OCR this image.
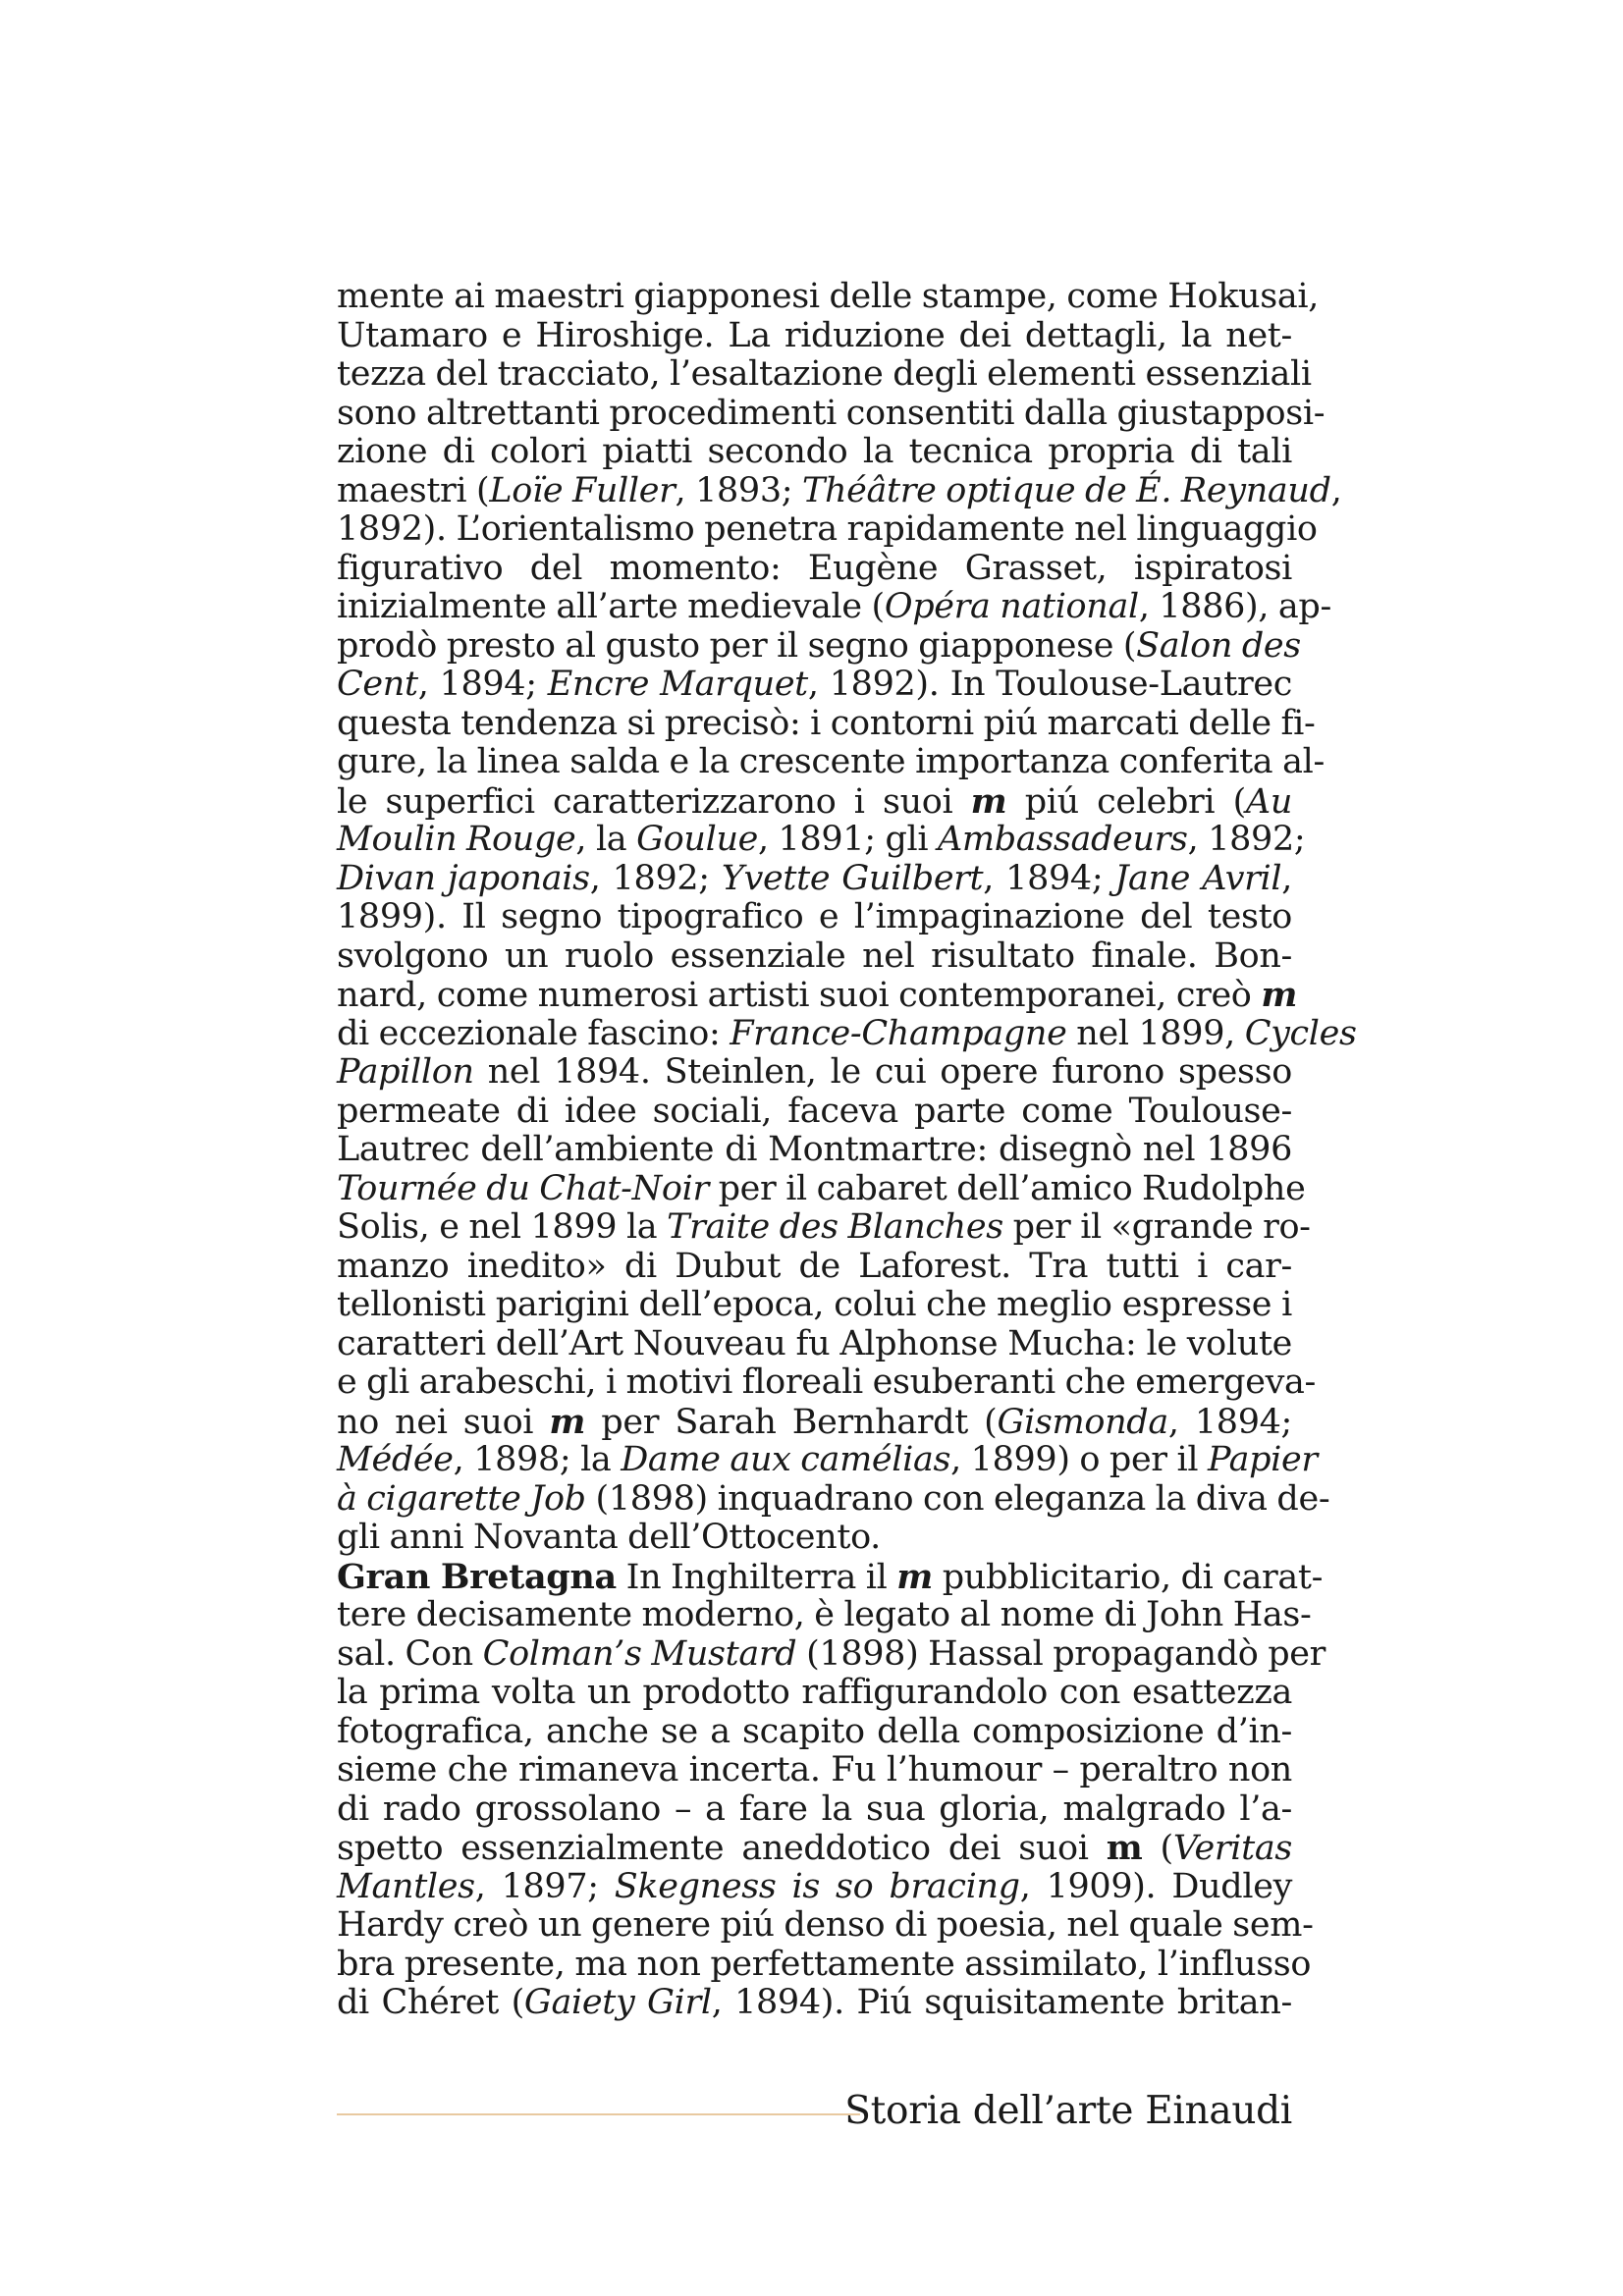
mente ai maestri giapponesi delle stampe, come Hokusai,
Utamaro e Hiroshige. La riduzione dei dettagli, la net-
tezza del tracciato, l’esaltazione degli elementi essenziali
sono altrettanti procedimenti consentiti dalla giustapposi-
zione di colori piatti secondo la tecnica propria di tali
maestri (Loïe Fuller, 1893; Théâtre optique de É. Reynaud,
1892). L’orientalismo penetra rapidamente nel linguaggio
figurativo del momento: Eugène Grasset, ispiratosi
inizialmente all’arte medievale (Opéra national, 1886), ap-
prodò presto al gusto per il segno giapponese (Salon des
Cent, 1894; Encre Marquet, 1892). In Toulouse-Lautrec
questa tendenza si precisò: i contorni piú marcati delle fi-
gure, la linea salda e la crescente importanza conferita al-
le superfici caratterizzarono i suoi m piú celebri (Au
Moulin Rouge, la Goulue, 1891; gli Ambassadeurs, 1892;
Divan japonais, 1892; Yvette Guilbert, 1894; Jane Avril,
1899). Il segno tipografico e l’impaginazione del testo
svolgono un ruolo essenziale nel risultato finale. Bon-
nard, come numerosi artisti suoi contemporanei, creò m
di eccezionale fascino: France-Champagne nel 1899, Cycles
Papillon nel 1894. Steinlen, le cui opere furono spesso
permeate di idee sociali, faceva parte come Toulouse-
Lautrec dell’ambiente di Montmartre: disegnò nel 1896
Tournée du Chat-Noir per il cabaret dell’amico Rudolphe
Solis, e nel 1899 la Traite des Blanches per il «grande ro-
manzo inedito» di Dubut de Laforest. Tra tutti i car-
tellonisti parigini dell’epoca, colui che meglio espresse i
caratteri dell’Art Nouveau fu Alphonse Mucha: le volute
e gli arabeschi, i motivi floreali esuberanti che emergeva-
no nei suoi m per Sarah Bernhardt (Gismonda, 1894;
Médée, 1898; la Dame aux camélias, 1899) o per il Papier
à cigarette Job (1898) inquadrano con eleganza la diva de-
gli anni Novanta dell’Ottocento.
Gran Bretagna In Inghilterra il m pubblicitario, di carat-
tere decisamente moderno, è legato al nome di John Has-
sal. Con Colman’s Mustard (1898) Hassal propagandò per
la prima volta un prodotto raffigurandolo con esattezza
fotografica, anche se a scapito della composizione d’in-
sieme che rimaneva incerta. Fu l’humour – peraltro non
di rado grossolano – a fare la sua gloria, malgrado l’a-
spetto essenzialmente aneddotico dei suoi m (Veritas
Mantles, 1897; Skegness is so bracing, 1909). Dudley
Hardy creò un genere piú denso di poesia, nel quale sem-
bra presente, ma non perfettamente assimilato, l’influsso
di Chéret (Gaiety Girl, 1894). Piú squisitamente britan-
Storia dell’arte Einaudi
